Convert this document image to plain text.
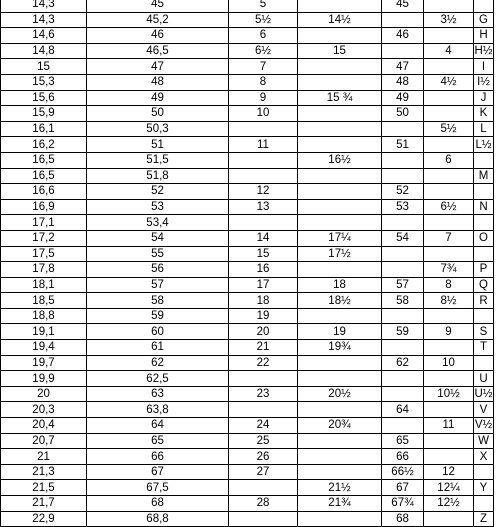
14,3	45	5		45		
14,3	45,2	5½	14½		3½	G
14,6	46	6		46		H
14,8	46,5	6½	15		4	H½
15	47	7		47		I
15,3	48	8		48	4½	I½
15,6	49	9	15 ¾	49		J
15,9	50	10		50		K
16,1	50,3				5½	L
16,2	51	11		51		L½
16,5	51,5		16½		6	
16,5	51,8					M
16,6	52	12		52		
16,9	53	13		53	6½	N
17,1	53,4					
17,2	54	14	17¼	54	7	O
17,5	55	15	17½			
17,8	56	16			7¾	P
18,1	57	17	18	57	8	Q
18,5	58	18	18½	58	8½	R
18,8	59	19				
19,1	60	20	19	59	9	S
19,4	61	21	19¾			T
19,7	62	22		62	10	
19,9	62,5					U
20	63	23	20½		10½	U½
20,3	63,8			64		V
20,4	64	24	20¾		11	V½
20,7	65	25		65		W
21	66	26		66		X
21,3	67	27		66½	12	
21,5	67,5		21½	67	12¼	Y
21,7	68	28	21¾	67¾	12½	
22,9	68,8			68		Z
